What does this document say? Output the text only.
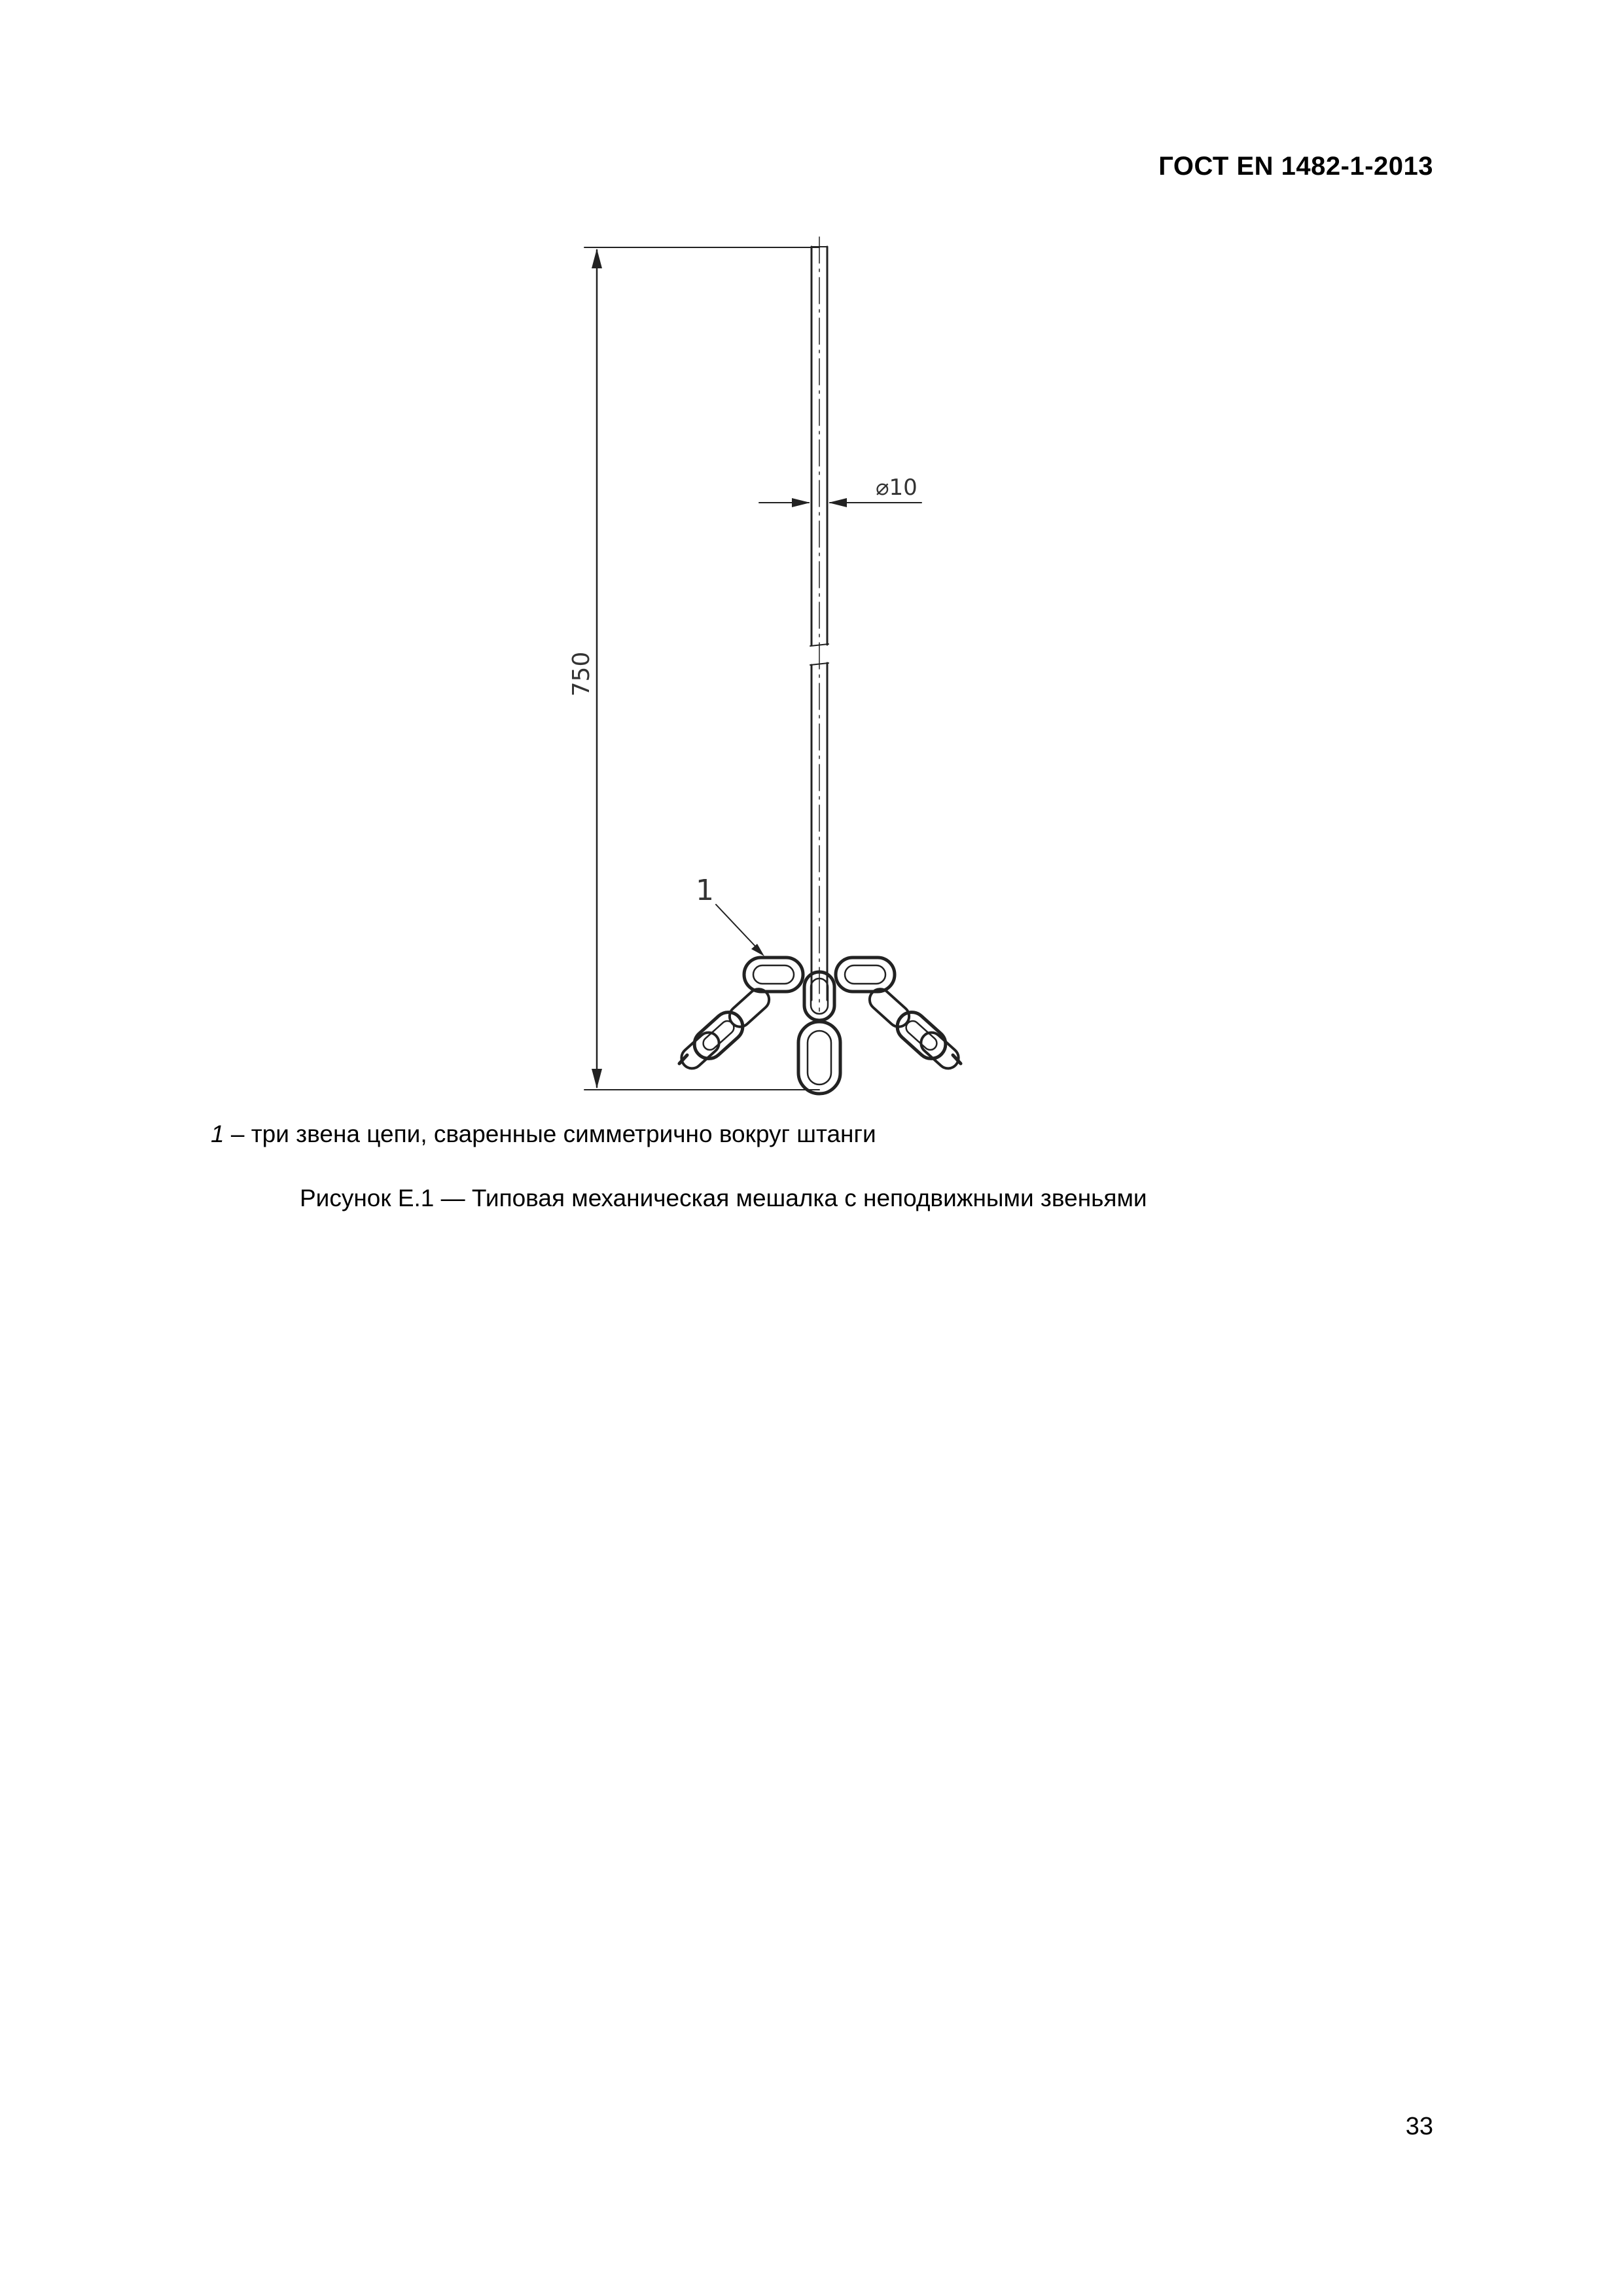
ГОСТ EN 1482-1-2013
750
⌀10
1
1 – три звена цепи, сваренные симметрично вокруг штанги
Рисунок Е.1 — Типовая механическая мешалка с неподвижными звеньями
33
